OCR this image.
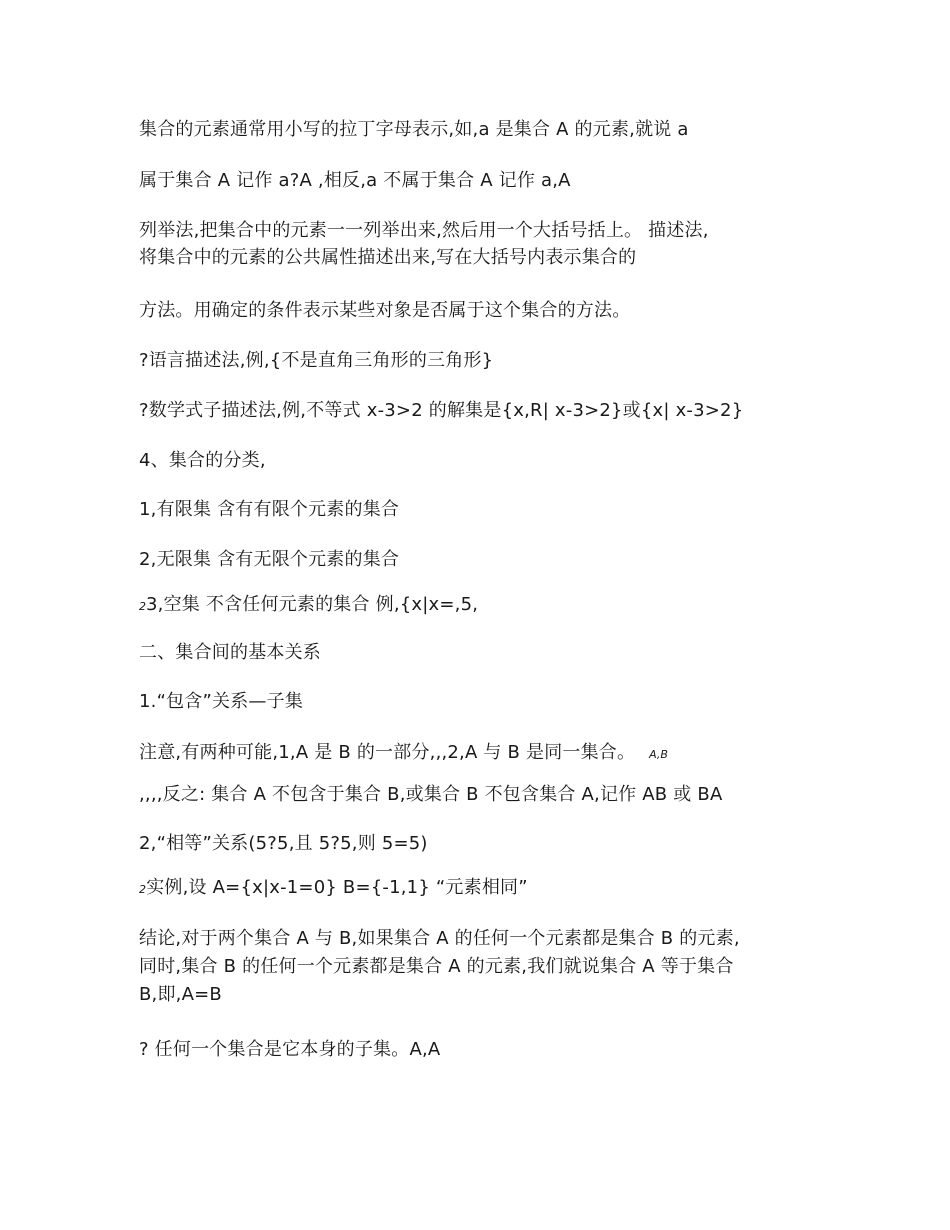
集合的元素通常用小写的拉丁字母表示,如,a 是集合 A 的元素,就说 a
属于集合 A 记作 a?A ,相反,a 不属于集合 A 记作 a,A
列举法,把集合中的元素一一列举出来,然后用一个大括号括上。 描述法,
将集合中的元素的公共属性描述出来,写在大括号内表示集合的
方法。用确定的条件表示某些对象是否属于这个集合的方法。
?语言描述法,例,{不是直角三角形的三角形}
?数学式子描述法,例,不等式 x-3>2 的解集是{x,R| x-3>2}或{x| x-3>2}
4、集合的分类,
1,有限集 含有有限个元素的集合
2,无限集 含有无限个元素的集合
23,空集 不含任何元素的集合 例,{x|x=,5,
二、集合间的基本关系
1.“包含”关系—子集
注意,有两种可能,1,A 是 B 的一部分,,,2,A 与 B 是同一集合。 A,B
,,,,反之: 集合 A 不包含于集合 B,或集合 B 不包含集合 A,记作 AB 或 BA
2,“相等”关系(5?5,且 5?5,则 5=5)
2实例,设 A={x|x-1=0} B={-1,1} “元素相同”
结论,对于两个集合 A 与 B,如果集合 A 的任何一个元素都是集合 B 的元素,
同时,集合 B 的任何一个元素都是集合 A 的元素,我们就说集合 A 等于集合
B,即,A=B
? 任何一个集合是它本身的子集。A,A
